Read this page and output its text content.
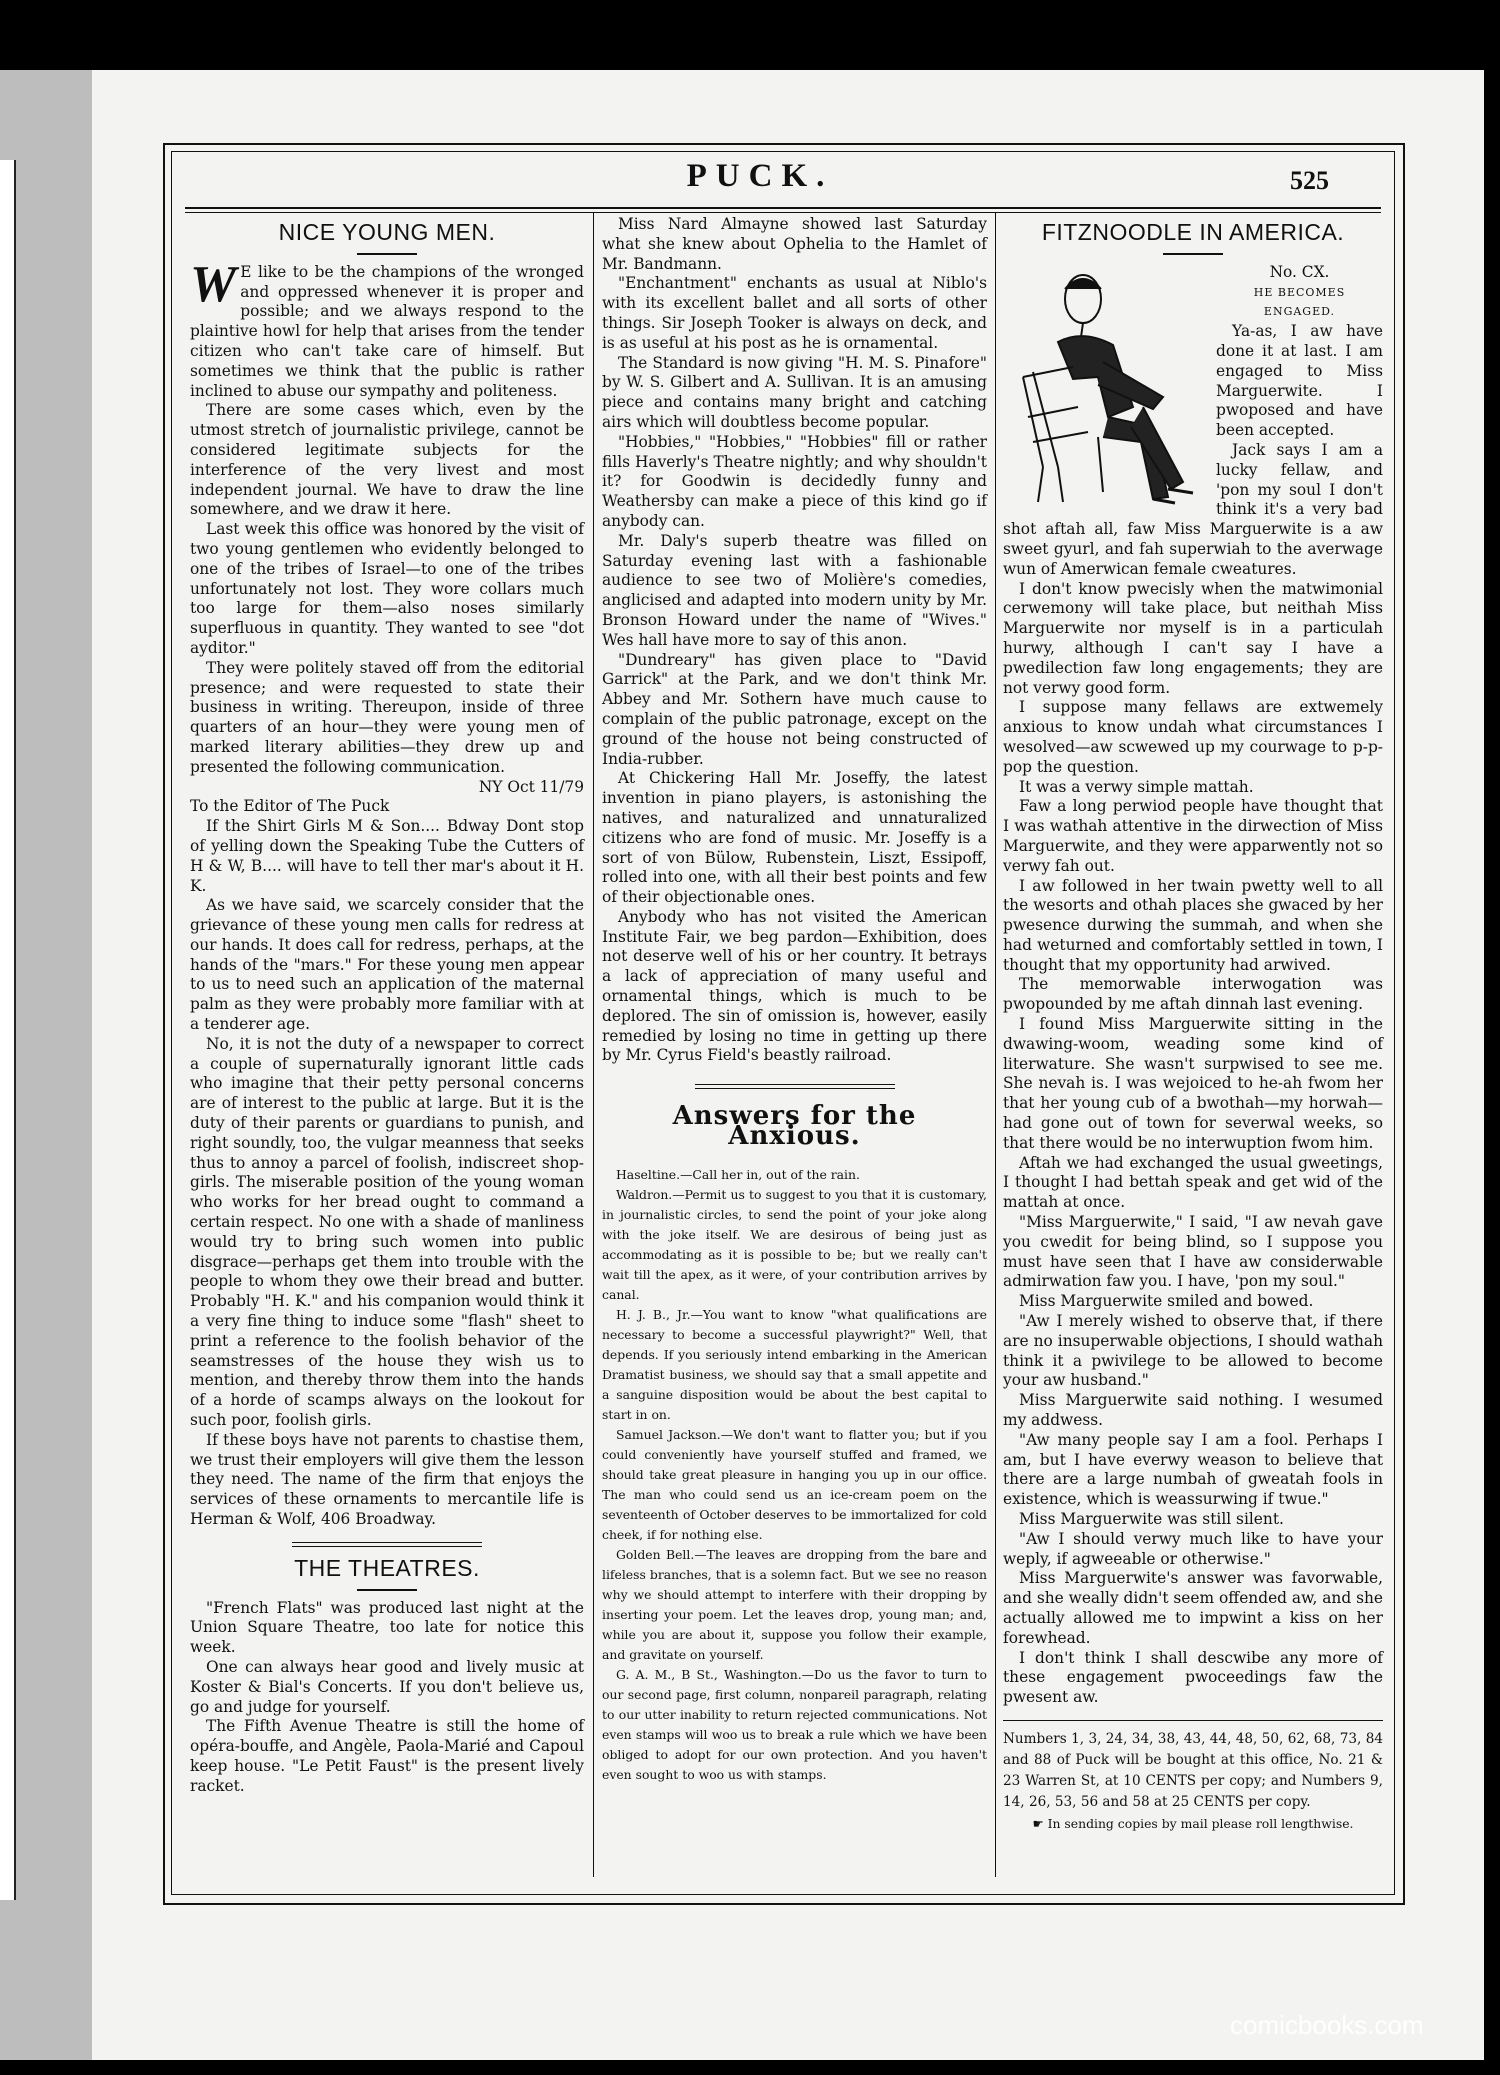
PUCK.	525
NICE YOUNG MEN.

W E like to be the champions of the wronged and oppressed whenever it is proper and possible; and we always respond to the plaintive howl for help that arises from the tender citizen who can't take care of himself. But sometimes we think that the public is rather inclined to abuse our sympathy and politeness.

There are some cases which, even by the utmost stretch of journalistic privilege, cannot be considered legitimate subjects for the interference of the very livest and most independent journal. We have to draw the line somewhere, and we draw it here.

Last week this office was honored by the visit of two young gentlemen who evidently belonged to one of the tribes of Israel—to one of the tribes unfortunately not lost. They wore collars much too large for them—also noses similarly superfluous in quantity. They wanted to see "dot ayditor."

They were politely staved off from the editorial presence; and were requested to state their business in writing. Thereupon, inside of three quarters of an hour—they were young men of marked literary abilities—they drew up and presented the following communication.

NY Oct 11/79

To the Editor of The Puck

If the Shirt Girls M & Son.... Bdway Dont stop of yelling down the Speaking Tube the Cutters of H & W, B.... will have to tell ther mar's about it H. K.

As we have said, we scarcely consider that the grievance of these young men calls for redress at our hands. It does call for redress, perhaps, at the hands of the "mars." For these young men appear to us to need such an application of the maternal palm as they were probably more familiar with at a tenderer age.

No, it is not the duty of a newspaper to correct a couple of supernaturally ignorant little cads who imagine that their petty personal concerns are of interest to the public at large. But it is the duty of their parents or guardians to punish, and right soundly, too, the vulgar meanness that seeks thus to annoy a parcel of foolish, indiscreet shop-girls. The miserable position of the young woman who works for her bread ought to command a certain respect. No one with a shade of manliness would try to bring such women into public disgrace—perhaps get them into trouble with the people to whom they owe their bread and butter. Probably "H. K." and his companion would think it a very fine thing to induce some "flash" sheet to print a reference to the foolish behavior of the seamstresses of the house they wish us to mention, and thereby throw them into the hands of a horde of scamps always on the lookout for such poor, foolish girls.

If these boys have not parents to chastise them, we trust their employers will give them the lesson they need. The name of the firm that enjoys the services of these ornaments to mercantile life is Herman & Wolf, 406 Broadway.

THE THEATRES.

"French Flats" was produced last night at the Union Square Theatre, too late for notice this week.

One can always hear good and lively music at Koster & Bial's Concerts. If you don't believe us, go and judge for yourself.

The Fifth Avenue Theatre is still the home of opéra-bouffe, and Angèle, Paola-Marié and Capoul keep house. "Le Petit Faust" is the present lively racket.

Miss Nard Almayne showed last Saturday what she knew about Ophelia to the Hamlet of Mr. Bandmann.

"Enchantment" enchants as usual at Niblo's with its excellent ballet and all sorts of other things. Sir Joseph Tooker is always on deck, and is as useful at his post as he is ornamental.

The Standard is now giving "H. M. S. Pinafore" by W. S. Gilbert and A. Sullivan. It is an amusing piece and contains many bright and catching airs which will doubtless become popular.

"Hobbies," "Hobbies," "Hobbies" fill or rather fills Haverly's Theatre nightly; and why shouldn't it? for Goodwin is decidedly funny and Weathersby can make a piece of this kind go if anybody can.

Mr. Daly's superb theatre was filled on Saturday evening last with a fashionable audience to see two of Molière's comedies, anglicised and adapted into modern unity by Mr. Bronson Howard under the name of "Wives." Wes hall have more to say of this anon.

"Dundreary" has given place to "David Garrick" at the Park, and we don't think Mr. Abbey and Mr. Sothern have much cause to complain of the public patronage, except on the ground of the house not being constructed of India-rubber.

At Chickering Hall Mr. Joseffy, the latest invention in piano players, is astonishing the natives, and naturalized and unnaturalized citizens who are fond of music. Mr. Joseffy is a sort of von Bülow, Rubenstein, Liszt, Essipoff, rolled into one, with all their best points and few of their objectionable ones.

Anybody who has not visited the American Institute Fair, we beg pardon—Exhibition, does not deserve well of his or her country. It betrays a lack of appreciation of many useful and ornamental things, which is much to be deplored. The sin of omission is, however, easily remedied by losing no time in getting up there by Mr. Cyrus Field's beastly railroad.

Answers for the Anxious.

Haseltine.—Call her in, out of the rain.

Waldron.—Permit us to suggest to you that it is customary, in journalistic circles, to send the point of your joke along with the joke itself. We are desirous of being just as accommodating as it is possible to be; but we really can't wait till the apex, as it were, of your contribution arrives by canal.

H. J. B., Jr.—You want to know "what qualifications are necessary to become a successful playwright?" Well, that depends. If you seriously intend embarking in the American Dramatist business, we should say that a small appetite and a sanguine disposition would be about the best capital to start in on.

Samuel Jackson.—We don't want to flatter you; but if you could conveniently have yourself stuffed and framed, we should take great pleasure in hanging you up in our office. The man who could send us an ice-cream poem on the seventeenth of October deserves to be immortalized for cold cheek, if for nothing else.

Golden Bell.—The leaves are dropping from the bare and lifeless branches, that is a solemn fact. But we see no reason why we should attempt to interfere with their dropping by inserting your poem. Let the leaves drop, young man; and, while you are about it, suppose you follow their example, and gravitate on yourself.

G. A. M., B St., Washington.—Do us the favor to turn to our second page, first column, nonpareil paragraph, relating to our utter inability to return rejected communications. Not even stamps will woo us to break a rule which we have been obliged to adopt for our own protection. And you haven't even sought to woo us with stamps.

FITZNOODLE IN AMERICA.
No. CX.
HE BECOMES ENGAGED.

Ya-as, I aw have done it at last. I am engaged to Miss Marguerwite. I pwoposed and have been accepted.

Jack says I am a lucky fellaw, and 'pon my soul I don't think it's a very bad shot aftah all, faw Miss Marguerwite is a aw sweet gyurl, and fah superwiah to the averwage wun of Amerwican female cweatures.

I don't know pwecisly when the matwimonial cerwemony will take place, but neithah Miss Marguerwite nor myself is in a particulah hurwy, although I can't say I have a pwedilection faw long engagements; they are not verwy good form.

I suppose many fellaws are extwemely anxious to know undah what circumstances I wesolved—aw scwewed up my courwage to p-p-pop the question.

It was a verwy simple mattah.

Faw a long perwiod people have thought that I was wathah attentive in the dirwection of Miss Marguerwite, and they were apparwently not so verwy fah out.

I aw followed in her twain pwetty well to all the wesorts and othah places she gwaced by her pwesence durwing the summah, and when she had weturned and comfortably settled in town, I thought that my opportunity had arwived.

The memorwable interwogation was pwopounded by me aftah dinnah last evening.

I found Miss Marguerwite sitting in the dwawing-woom, weading some kind of literwature. She wasn't surpwised to see me. She nevah is. I was wejoiced to he-ah fwom her that her young cub of a bwothah—my horwah—had gone out of town for severwal weeks, so that there would be no interwuption fwom him.

Aftah we had exchanged the usual gweetings, I thought I had bettah speak and get wid of the mattah at once.

"Miss Marguerwite," I said, "I aw nevah gave you cwedit for being blind, so I suppose you must have seen that I have aw considerwable admirwation faw you. I have, 'pon my soul."

Miss Marguerwite smiled and bowed.

"Aw I merely wished to observe that, if there are no insuperwable objections, I should wathah think it a pwivilege to be allowed to become your aw husband."

Miss Marguerwite said nothing. I wesumed my addwess.

"Aw many people say I am a fool. Perhaps I am, but I have everwy weason to believe that there are a large numbah of gweatah fools in existence, which is weassurwing if twue."

Miss Marguerwite was still silent.

"Aw I should verwy much like to have your weply, if agweeable or otherwise."

Miss Marguerwite's answer was favorwable, and she weally didn't seem offended aw, and she actually allowed me to impwint a kiss on her forewhead.

I don't think I shall descwibe any more of these engagement pwoceedings faw the pwesent aw.

Numbers 1, 3, 24, 34, 38, 43, 44, 48, 50, 62, 68, 73, 84 and 88 of Puck will be bought at this office, No. 21 & 23 Warren St, at 10 CENTS per copy; and Numbers 9, 14, 26, 53, 56 and 58 at 25 CENTS per copy.

☛ In sending copies by mail please roll lengthwise.

comicbooks.com
